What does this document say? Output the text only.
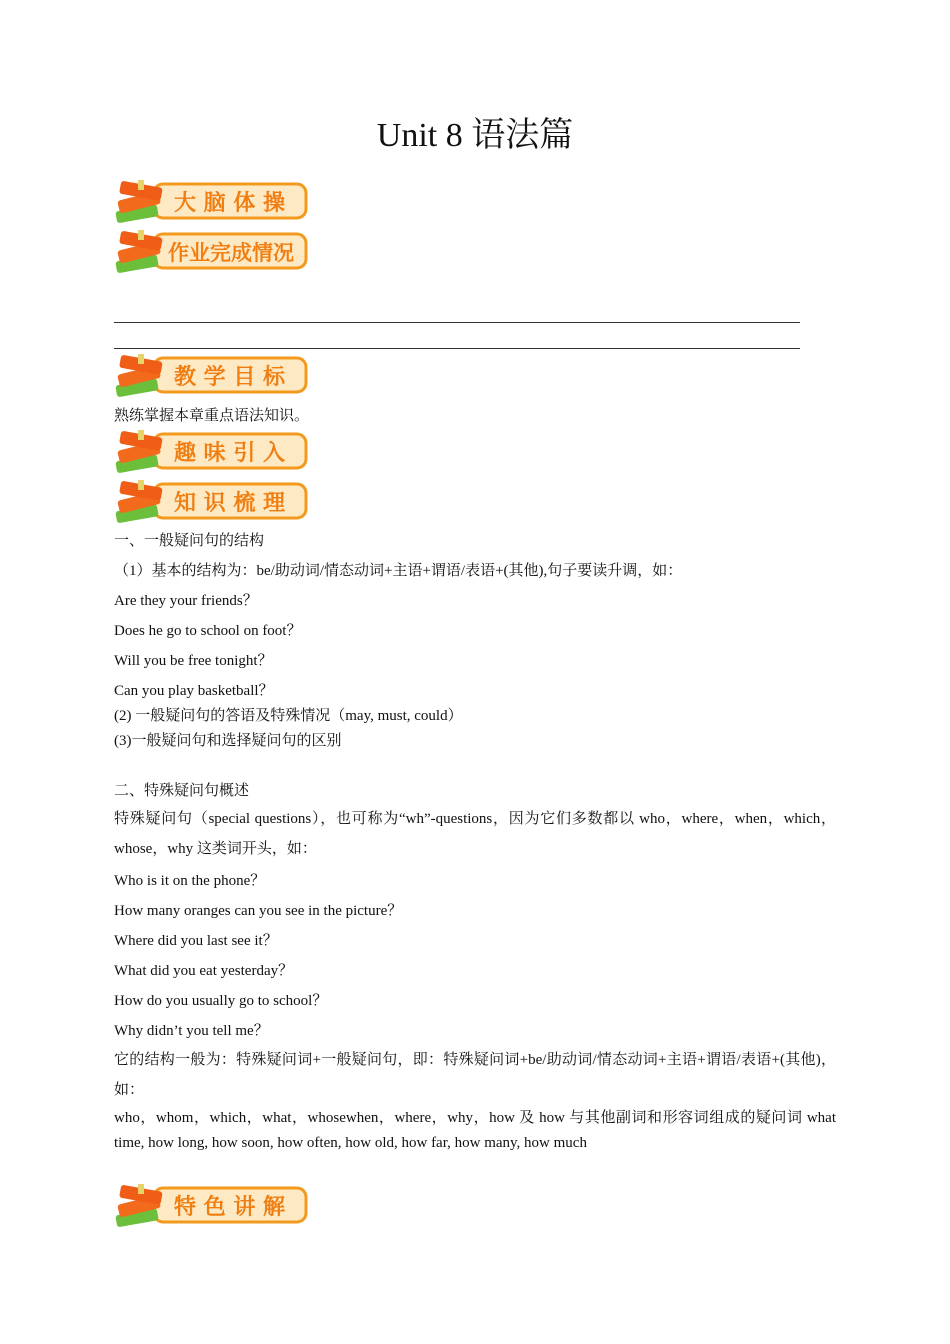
Unit 8 语法篇
大 脑 体 操
作业完成情况
教 学 目 标
熟练掌握本章重点语法知识。
趣 味 引 入
知 识 梳 理
一、一般疑问句的结构
（1）基本的结构为：be/助动词/情态动词+主语+谓语/表语+(其他),句子要读升调，如：
Are they your friends？
Does he go to school on foot？
Will you be free tonight？
Can you play basketball？
(2) 一般疑问句的答语及特殊情况（may, must, could）
(3)一般疑问句和选择疑问句的区别
二、特殊疑问句概述
特殊疑问句（special questions），也可称为“wh”-questions，因为它们多数都以 who，where，when，which，whose，why 这类词开头，如：
Who is it on the phone？
How many oranges can you see in the picture？
Where did you last see it？
What did you eat yesterday？
How do you usually go to school？
Why didn’t you tell me？
它的结构一般为：特殊疑问词+一般疑问句，即：特殊疑问词+be/助动词/情态动词+主语+谓语/表语+(其他)，如：
who，whom，which，what，whosewhen，where，why，how 及 how 与其他副词和形容词组成的疑问词 what time, how long, how soon, how often, how old, how far, how many, how much
特 色 讲 解
